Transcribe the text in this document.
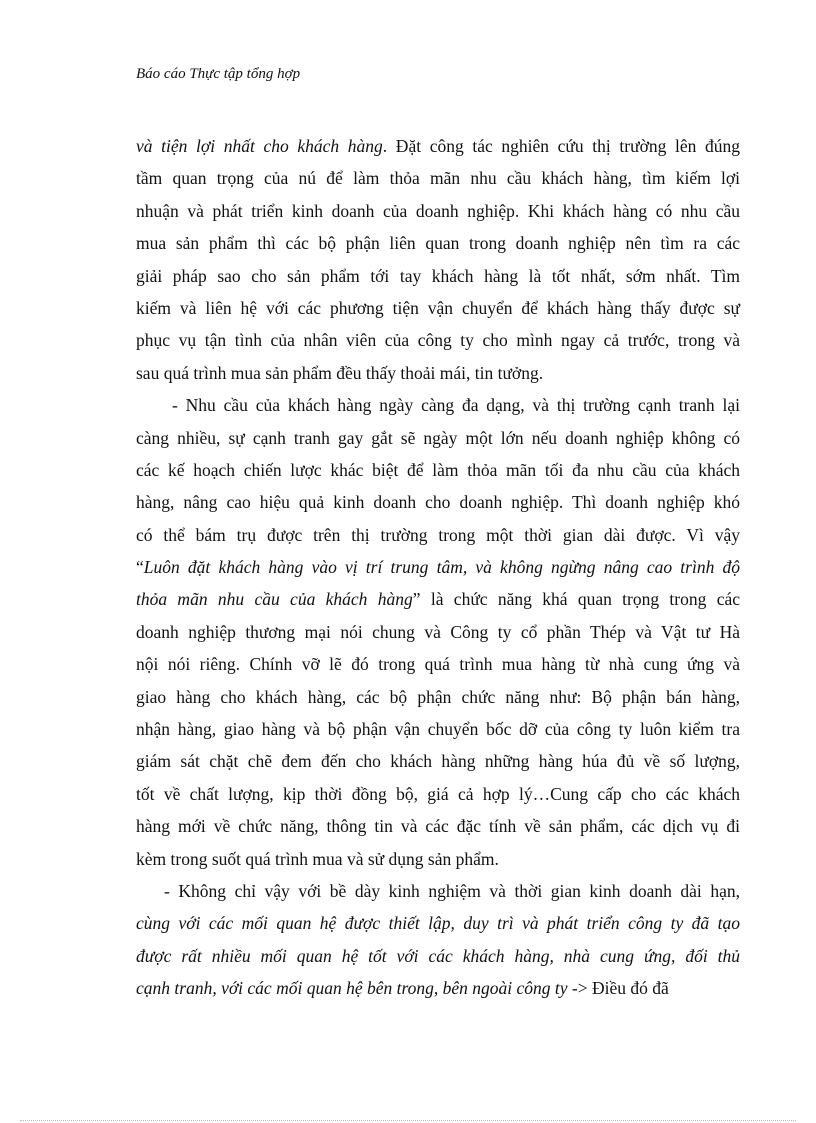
Báo cáo Thực tập tổng hợp
và tiện lợi nhất cho khách hàng. Đặt công tác nghiên cứu thị trường lên đúng
tầm quan trọng của nú để làm thỏa mãn nhu cầu khách hàng, tìm kiếm lợi
nhuận và phát triển kinh doanh của doanh nghiệp. Khi khách hàng có nhu cầu
mua sản phẩm thì các bộ phận liên quan trong doanh nghiệp nên tìm ra các
giải pháp sao cho sản phẩm tới tay khách hàng là tốt nhất, sớm nhất. Tìm
kiếm và liên hệ với các phương tiện vận chuyển để khách hàng thấy được sự
phục vụ tận tình của nhân viên của công ty cho mình ngay cả trước, trong và
sau quá trình mua sản phẩm đều thấy thoải mái, tin tưởng.
- Nhu cầu của khách hàng ngày càng đa dạng, và thị trường cạnh tranh lại
càng nhiều, sự cạnh tranh gay gắt sẽ ngày một lớn nếu doanh nghiệp không có
các kế hoạch chiến lược khác biệt để làm thỏa mãn tối đa nhu cầu của khách
hàng, nâng cao hiệu quả kinh doanh cho doanh nghiệp. Thì doanh nghiệp khó
có thể bám trụ được trên thị trường trong một thời gian dài được. Vì vậy
“Luôn đặt khách hàng vào vị trí trung tâm, và không ngừng nâng cao trình độ
thỏa mãn nhu cầu của khách hàng” là chức năng khá quan trọng trong các
doanh nghiệp thương mại nói chung và Công ty cổ phần Thép và Vật tư Hà
nội nói riêng. Chính vỡ lẽ đó trong quá trình mua hàng từ nhà cung ứng và
giao hàng cho khách hàng, các bộ phận chức năng như: Bộ phận bán hàng,
nhận hàng, giao hàng và bộ phận vận chuyển bốc dỡ của công ty luôn kiểm tra
giám sát chặt chẽ đem đến cho khách hàng những hàng húa đủ về số lượng,
tốt về chất lượng, kịp thời đồng bộ, giá cả hợp lý…Cung cấp cho các khách
hàng mới về chức năng, thông tin và các đặc tính về sản phẩm, các dịch vụ đi
kèm trong suốt quá trình mua và sử dụng sản phẩm.
- Không chỉ vậy với bề dày kinh nghiệm và thời gian kinh doanh dài hạn,
cùng với các mối quan hệ được thiết lập, duy trì và phát triển công ty đã tạo
được rất nhiều mối quan hệ tốt với các khách hàng, nhà cung ứng, đối thủ
cạnh tranh, với các mối quan hệ bên trong, bên ngoài công ty -> Điều đó đã
